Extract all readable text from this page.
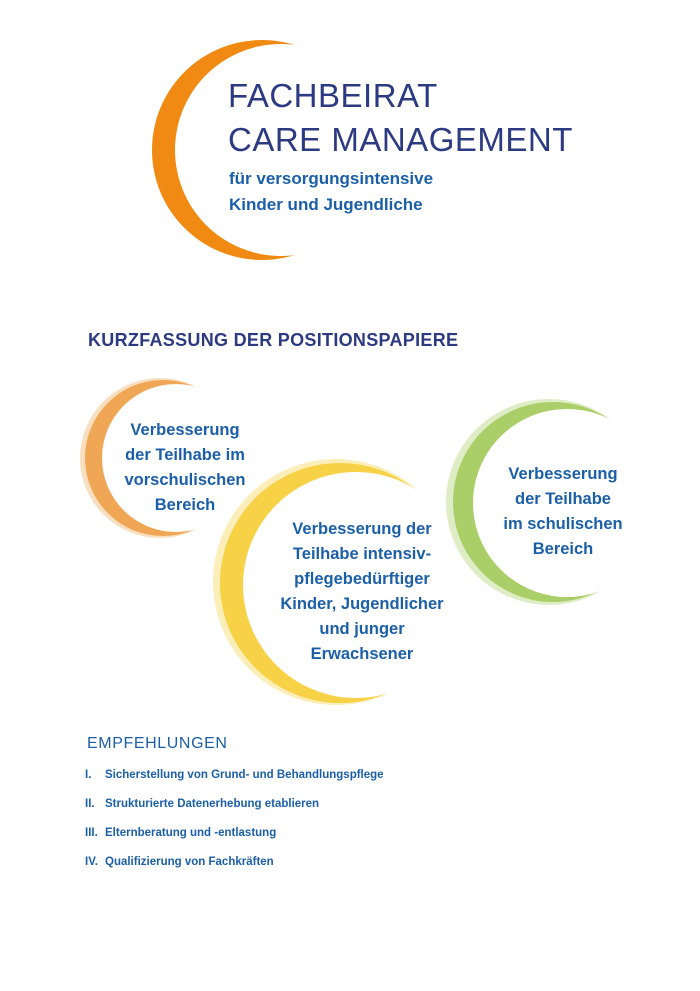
FACHBEIRAT
CARE MANAGEMENT
für versorgungsintensive
Kinder und Jugendliche
KURZFASSUNG DER POSITIONSPAPIERE
Verbesserung
der Teilhabe im
vorschulischen
Bereich
Verbesserung der
Teilhabe intensiv-
pflegebedürftiger
Kinder, Jugendlicher
und junger
Erwachsener
Verbesserung
der Teilhabe
im schulischen
Bereich
EMPFEHLUNGEN
I.	Sicherstellung von Grund- und Behandlungspflege
II. Strukturierte Datenerhebung etablieren
III. Elternberatung und -entlastung
IV. Qualifizierung von Fachkräften
